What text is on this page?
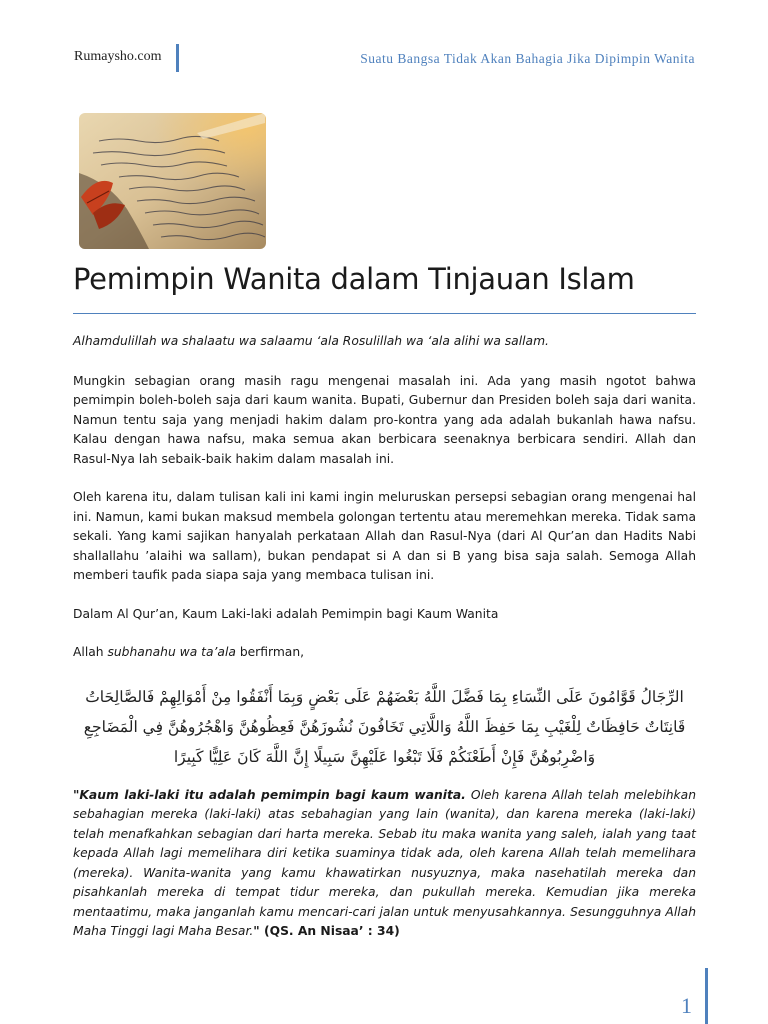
Rumaysho.com	Suatu Bangsa Tidak Akan Bahagia Jika Dipimpin Wanita
Pemimpin Wanita dalam Tinjauan Islam

Alhamdulillah wa shalaatu wa salaamu ‘ala Rosulillah wa ‘ala alihi wa sallam.

Mungkin sebagian orang masih ragu mengenai masalah ini. Ada yang masih ngotot bahwa pemimpin boleh-boleh saja dari kaum wanita. Bupati, Gubernur dan Presiden boleh saja dari wanita. Namun tentu saja yang menjadi hakim dalam pro-kontra yang ada adalah bukanlah hawa nafsu. Kalau dengan hawa nafsu, maka semua akan berbicara seenaknya berbicara sendiri. Allah dan Rasul-Nya lah sebaik-baik hakim dalam masalah ini.

Oleh karena itu, dalam tulisan kali ini kami ingin meluruskan persepsi sebagian orang mengenai hal ini. Namun, kami bukan maksud membela golongan tertentu atau meremehkan mereka. Tidak sama sekali. Yang kami sajikan hanyalah perkataan Allah dan Rasul-Nya (dari Al Qur’an dan Hadits Nabi shallallahu ’alaihi wa sallam), bukan pendapat si A dan si B yang bisa saja salah. Semoga Allah memberi taufik pada siapa saja yang membaca tulisan ini.

Dalam Al Qur’an, Kaum Laki-laki adalah Pemimpin bagi Kaum Wanita

Allah subhanahu wa ta’ala berfirman,

الرِّجَالُ قَوَّامُونَ عَلَى النِّسَاءِ بِمَا فَضَّلَ اللَّهُ بَعْضَهُمْ عَلَى بَعْضٍ وَبِمَا أَنْفَقُوا مِنْ أَمْوَالِهِمْ فَالصَّالِحَاتُ قَانِتَاتٌ حَافِظَاتٌ لِلْغَيْبِ بِمَا حَفِظَ اللَّهُ وَاللَّاتِي تَخَافُونَ نُشُوزَهُنَّ فَعِظُوهُنَّ وَاهْجُرُوهُنَّ فِي الْمَضَاجِعِ وَاضْرِبُوهُنَّ فَإِنْ أَطَعْنَكُمْ فَلَا تَبْغُوا عَلَيْهِنَّ سَبِيلًا إِنَّ اللَّهَ كَانَ عَلِيًّا كَبِيرًا

"Kaum laki-laki itu adalah pemimpin bagi kaum wanita. Oleh karena Allah telah melebihkan sebahagian mereka (laki-laki) atas sebahagian yang lain (wanita), dan karena mereka (laki-laki) telah menafkahkan sebagian dari harta mereka. Sebab itu maka wanita yang saleh, ialah yang taat kepada Allah lagi memelihara diri ketika suaminya tidak ada, oleh karena Allah telah memelihara (mereka). Wanita-wanita yang kamu khawatirkan nusyuznya, maka nasehatilah mereka dan pisahkanlah mereka di tempat tidur mereka, dan pukullah mereka. Kemudian jika mereka mentaatimu, maka janganlah kamu mencari-cari jalan untuk menyusahkannya. Sesungguhnya Allah Maha Tinggi lagi Maha Besar." (QS. An Nisaa’ : 34)

1
